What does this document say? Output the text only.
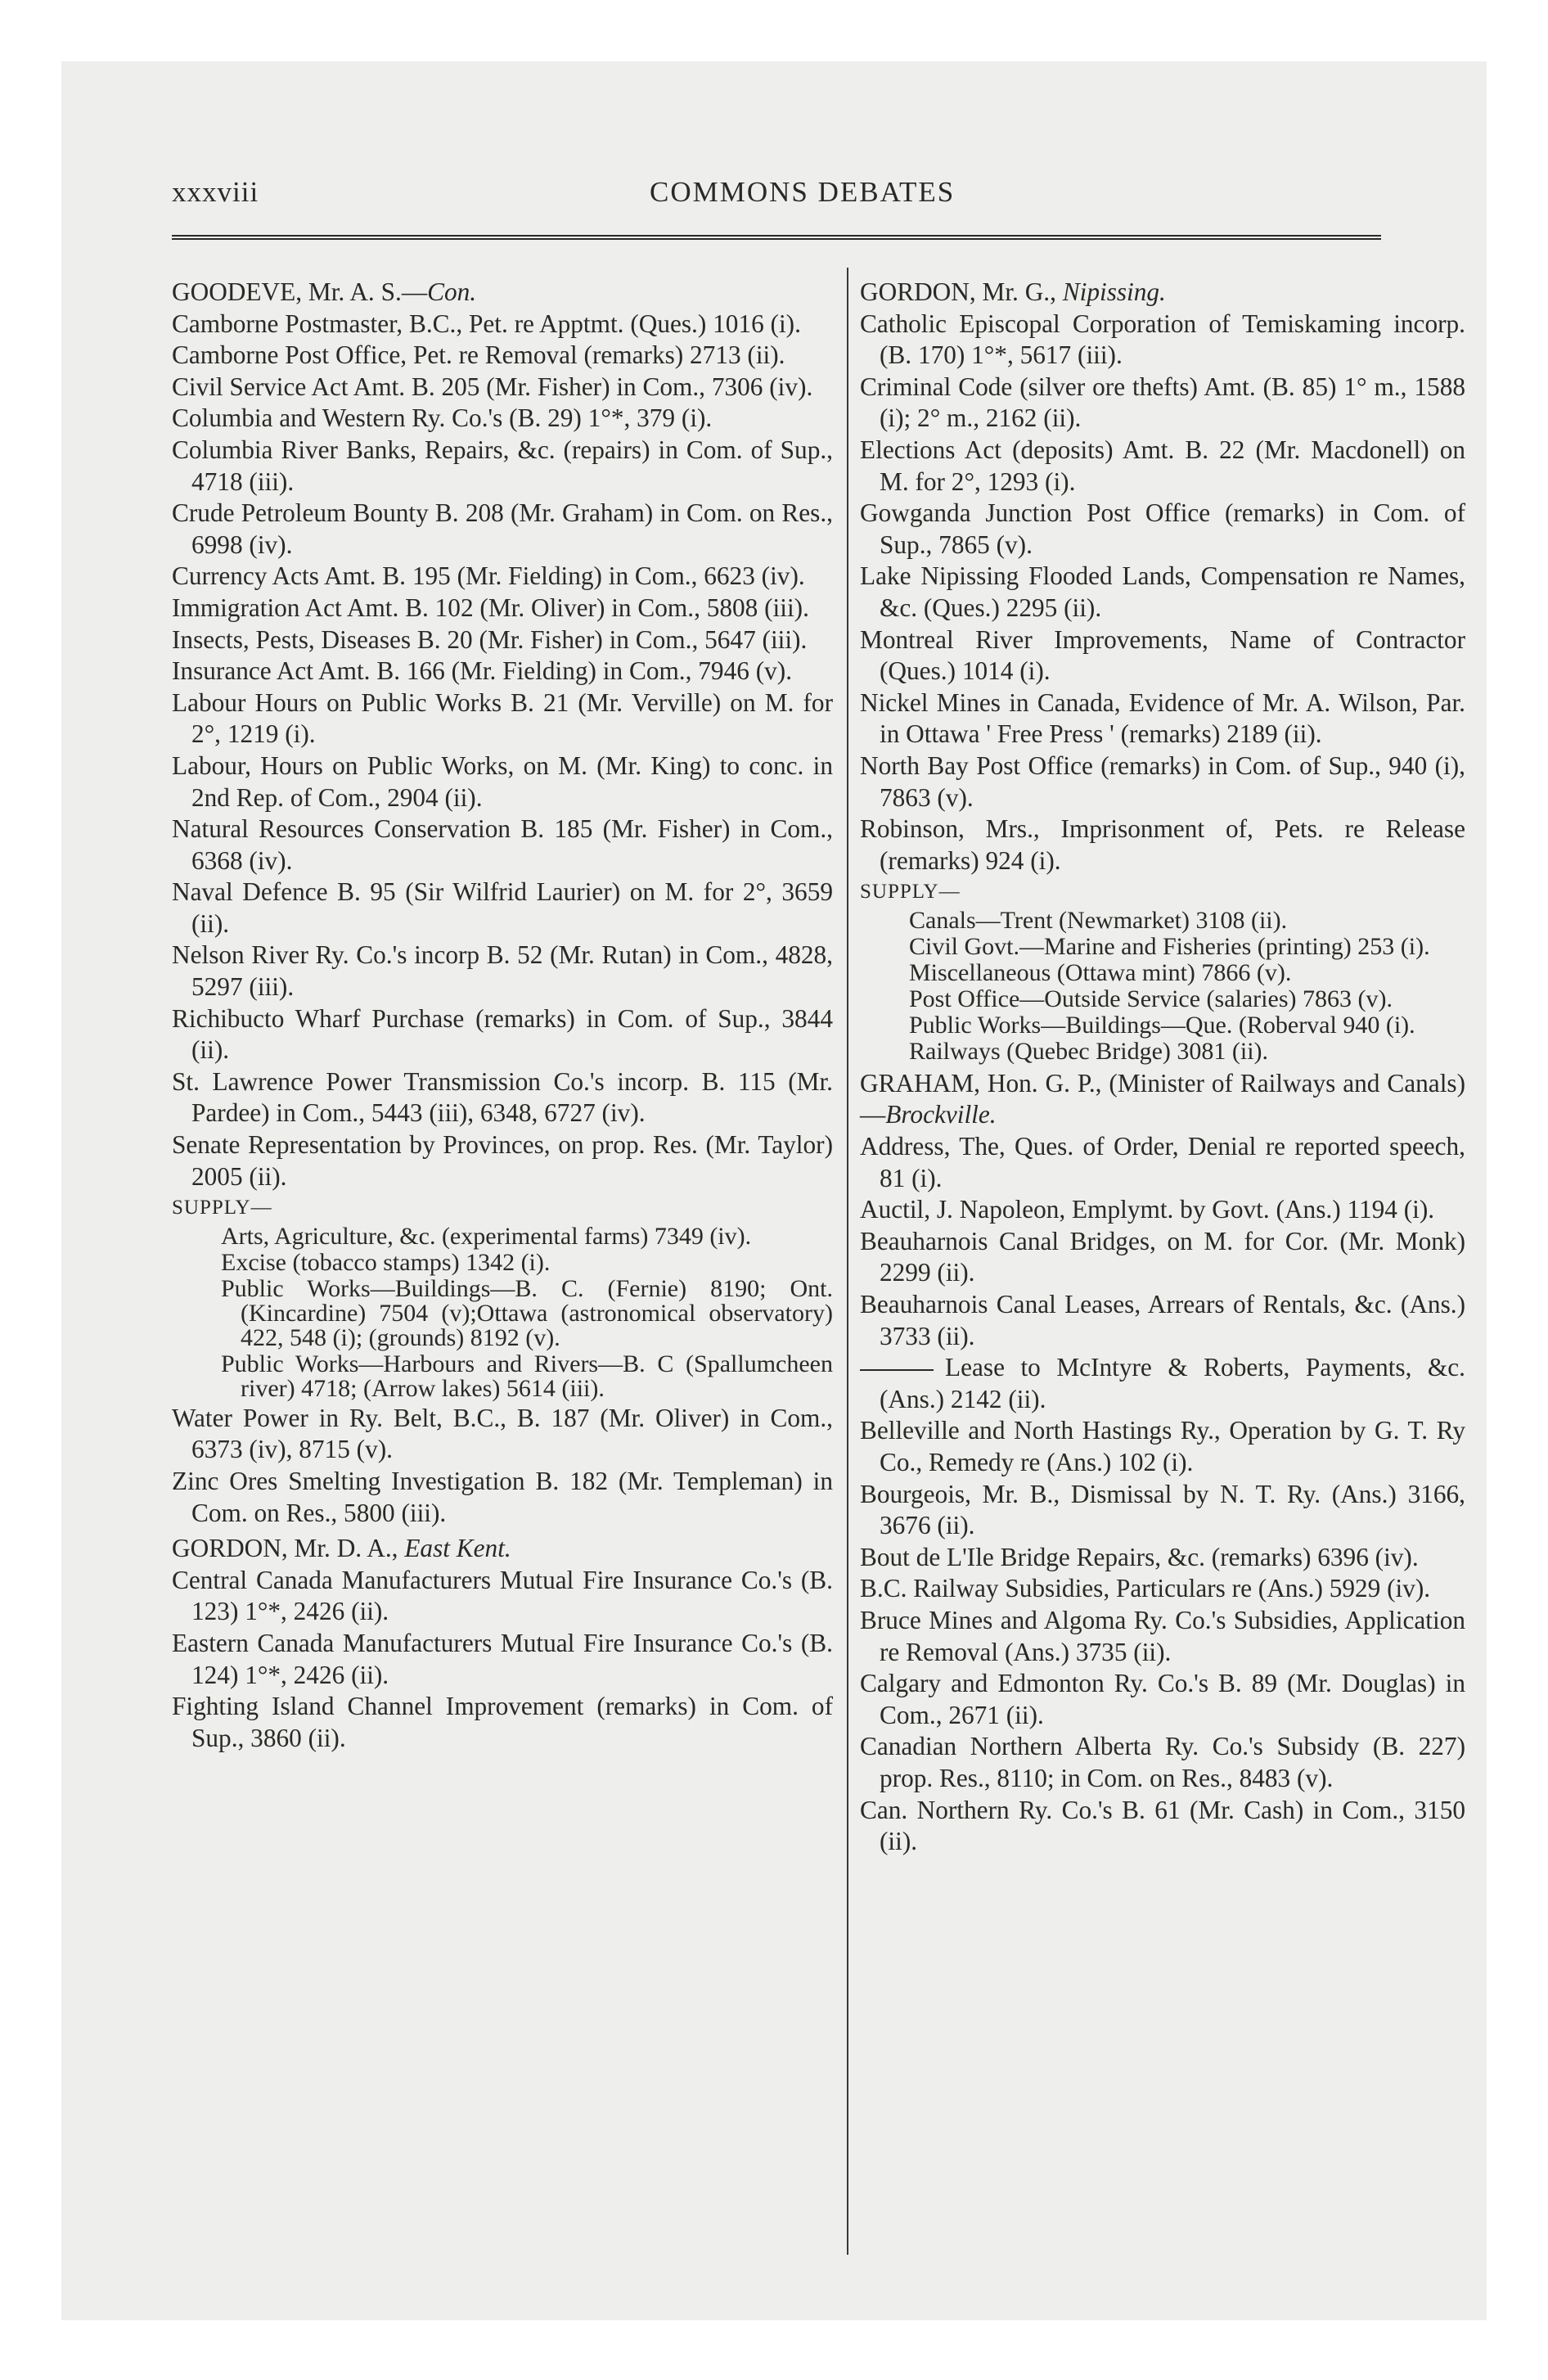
xxxviii	COMMONS DEBATES
GOODEVE, Mr. A. S.—Con.
Camborne Postmaster, B.C., Pet. re Apptmt. (Ques.) 1016 (i).
Camborne Post Office, Pet. re Removal (remarks) 2713 (ii).
Civil Service Act Amt. B. 205 (Mr. Fisher) in Com., 7306 (iv).
Columbia and Western Ry. Co.'s (B. 29) 1°*, 379 (i).
Columbia River Banks, Repairs, &c. (repairs) in Com. of Sup., 4718 (iii).
Crude Petroleum Bounty B. 208 (Mr. Graham) in Com. on Res., 6998 (iv).
Currency Acts Amt. B. 195 (Mr. Fielding) in Com., 6623 (iv).
Immigration Act Amt. B. 102 (Mr. Oliver) in Com., 5808 (iii).
Insects, Pests, Diseases B. 20 (Mr. Fisher) in Com., 5647 (iii).
Insurance Act Amt. B. 166 (Mr. Fielding) in Com., 7946 (v).
Labour Hours on Public Works B. 21 (Mr. Verville) on M. for 2°, 1219 (i).
Labour, Hours on Public Works, on M. (Mr. King) to conc. in 2nd Rep. of Com., 2904 (ii).
Natural Resources Conservation B. 185 (Mr. Fisher) in Com., 6368 (iv).
Naval Defence B. 95 (Sir Wilfrid Laurier) on M. for 2°, 3659 (ii).
Nelson River Ry. Co.'s incorp B. 52 (Mr. Rutan) in Com., 4828, 5297 (iii).
Richibucto Wharf Purchase (remarks) in Com. of Sup., 3844 (ii).
St. Lawrence Power Transmission Co.'s incorp. B. 115 (Mr. Pardee) in Com., 5443 (iii), 6348, 6727 (iv).
Senate Representation by Provinces, on prop. Res. (Mr. Taylor) 2005 (ii).
SUPPLY—
Arts, Agriculture, &c. (experimental farms) 7349 (iv).
Excise (tobacco stamps) 1342 (i).
Public Works—Buildings—B. C. (Fernie) 8190; Ont. (Kincardine) 7504 (v);Ottawa (astronomical observatory) 422, 548 (i); (grounds) 8192 (v).
Public Works—Harbours and Rivers—B. C (Spallumcheen river) 4718; (Arrow lakes) 5614 (iii).
Water Power in Ry. Belt, B.C., B. 187 (Mr. Oliver) in Com., 6373 (iv), 8715 (v).
Zinc Ores Smelting Investigation B. 182 (Mr. Templeman) in Com. on Res., 5800 (iii).
GORDON, Mr. D. A., East Kent.
Central Canada Manufacturers Mutual Fire Insurance Co.'s (B. 123) 1°*, 2426 (ii).
Eastern Canada Manufacturers Mutual Fire Insurance Co.'s (B. 124) 1°*, 2426 (ii).
Fighting Island Channel Improvement (remarks) in Com. of Sup., 3860 (ii).
GORDON, Mr. G., Nipissing.
Catholic Episcopal Corporation of Temiskaming incorp. (B. 170) 1°*, 5617 (iii).
Criminal Code (silver ore thefts) Amt. (B. 85) 1° m., 1588 (i); 2° m., 2162 (ii).
Elections Act (deposits) Amt. B. 22 (Mr. Macdonell) on M. for 2°, 1293 (i).
Gowganda Junction Post Office (remarks) in Com. of Sup., 7865 (v).
Lake Nipissing Flooded Lands, Compensation re Names, &c. (Ques.) 2295 (ii).
Montreal River Improvements, Name of Contractor (Ques.) 1014 (i).
Nickel Mines in Canada, Evidence of Mr. A. Wilson, Par. in Ottawa ' Free Press ' (remarks) 2189 (ii).
North Bay Post Office (remarks) in Com. of Sup., 940 (i), 7863 (v).
Robinson, Mrs., Imprisonment of, Pets. re Release (remarks) 924 (i).
SUPPLY—
Canals—Trent (Newmarket) 3108 (ii).
Civil Govt.—Marine and Fisheries (printing) 253 (i).
Miscellaneous (Ottawa mint) 7866 (v).
Post Office—Outside Service (salaries) 7863 (v).
Public Works—Buildings—Que. (Roberval 940 (i).
Railways (Quebec Bridge) 3081 (ii).
GRAHAM, Hon. G. P., (Minister of Railways and Canals)—Brockville.
Address, The, Ques. of Order, Denial re reported speech, 81 (i).
Auctil, J. Napoleon, Emplymt. by Govt. (Ans.) 1194 (i).
Beauharnois Canal Bridges, on M. for Cor. (Mr. Monk) 2299 (ii).
Beauharnois Canal Leases, Arrears of Rentals, &c. (Ans.) 3733 (ii).
Lease to McIntyre & Roberts, Payments, &c. (Ans.) 2142 (ii).
Belleville and North Hastings Ry., Operation by G. T. Ry Co., Remedy re (Ans.) 102 (i).
Bourgeois, Mr. B., Dismissal by N. T. Ry. (Ans.) 3166, 3676 (ii).
Bout de L'Ile Bridge Repairs, &c. (remarks) 6396 (iv).
B.C. Railway Subsidies, Particulars re (Ans.) 5929 (iv).
Bruce Mines and Algoma Ry. Co.'s Subsidies, Application re Removal (Ans.) 3735 (ii).
Calgary and Edmonton Ry. Co.'s B. 89 (Mr. Douglas) in Com., 2671 (ii).
Canadian Northern Alberta Ry. Co.'s Subsidy (B. 227) prop. Res., 8110; in Com. on Res., 8483 (v).
Can. Northern Ry. Co.'s B. 61 (Mr. Cash) in Com., 3150 (ii).
